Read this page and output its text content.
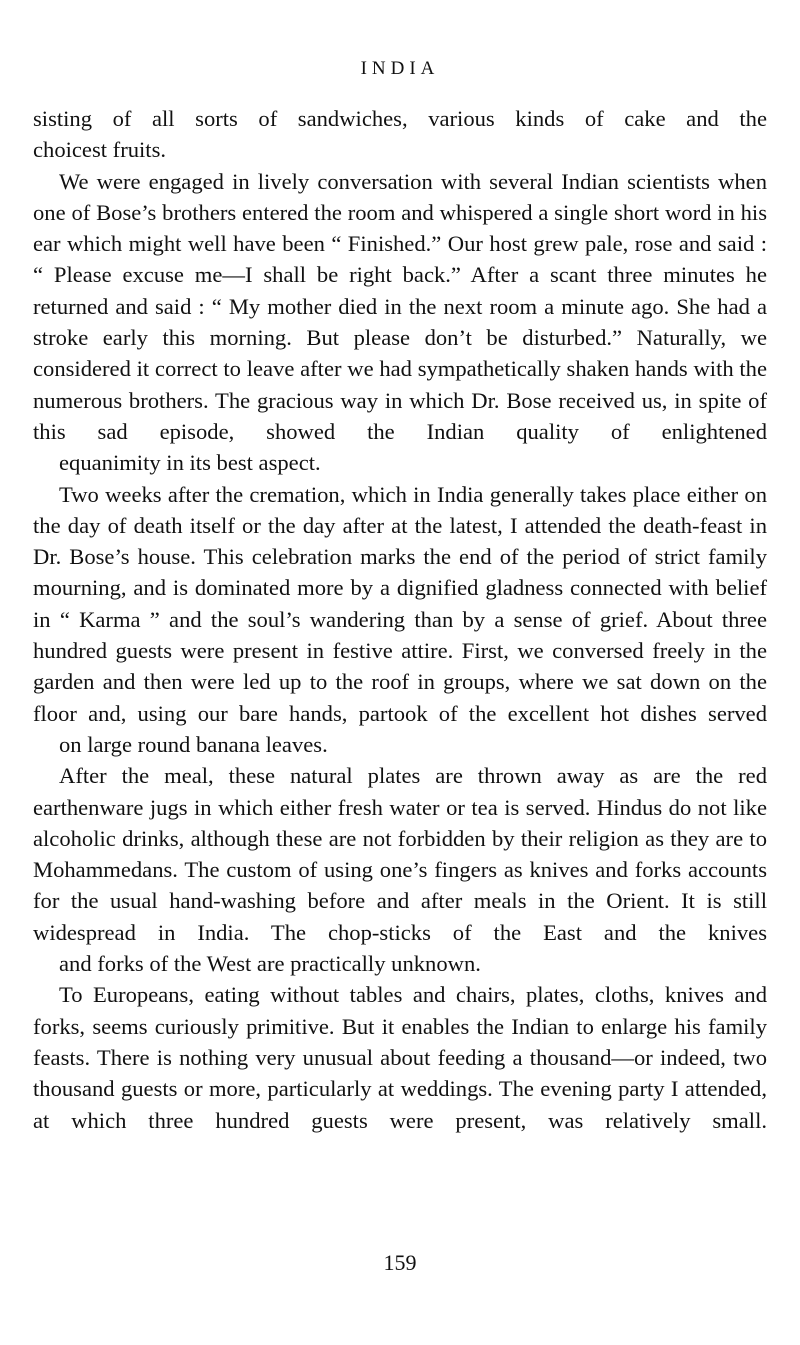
INDIA

sisting of all sorts of sandwiches, various kinds of cake and the
choicest fruits.

We were engaged in lively conversation with several Indian scientists when one of Bose’s brothers entered the room and whispered a single short word in his ear which might well have been “ Finished.” Our host grew pale, rose and said : “ Please excuse me—I shall be right back.” After a scant three minutes he returned and said : “ My mother died in the next room a minute ago. She had a stroke early this morning. But please don’t be disturbed.” Naturally, we considered it correct to leave after we had sympathetically shaken hands with the numerous brothers. The gracious way in which Dr. Bose received us, in spite of this sad episode, showed the Indian quality of enlightened
equanimity in its best aspect.

Two weeks after the cremation, which in India generally takes place either on the day of death itself or the day after at the latest, I attended the death-feast in Dr. Bose’s house. This celebration marks the end of the period of strict family mourning, and is dominated more by a dignified gladness connected with belief in “ Karma ” and the soul’s wandering than by a sense of grief. About three hundred guests were present in festive attire. First, we conversed freely in the garden and then were led up to the roof in groups, where we sat down on the floor and, using our bare hands, partook of the excellent hot dishes served
on large round banana leaves.

After the meal, these natural plates are thrown away as are the red earthenware jugs in which either fresh water or tea is served. Hindus do not like alcoholic drinks, although these are not forbidden by their religion as they are to Mohammedans. The custom of using one’s fingers as knives and forks accounts for the usual hand-washing before and after meals in the Orient. It is still widespread in India. The chop-sticks of the East and the knives
and forks of the West are practically unknown.

To Europeans, eating without tables and chairs, plates, cloths, knives and forks, seems curiously primitive. But it enables the Indian to enlarge his family feasts. There is nothing very unusual about feeding a thousand—or indeed, two thousand guests or more, particularly at weddings. The evening party I attended, at which three hundred guests were present, was relatively small.

159
